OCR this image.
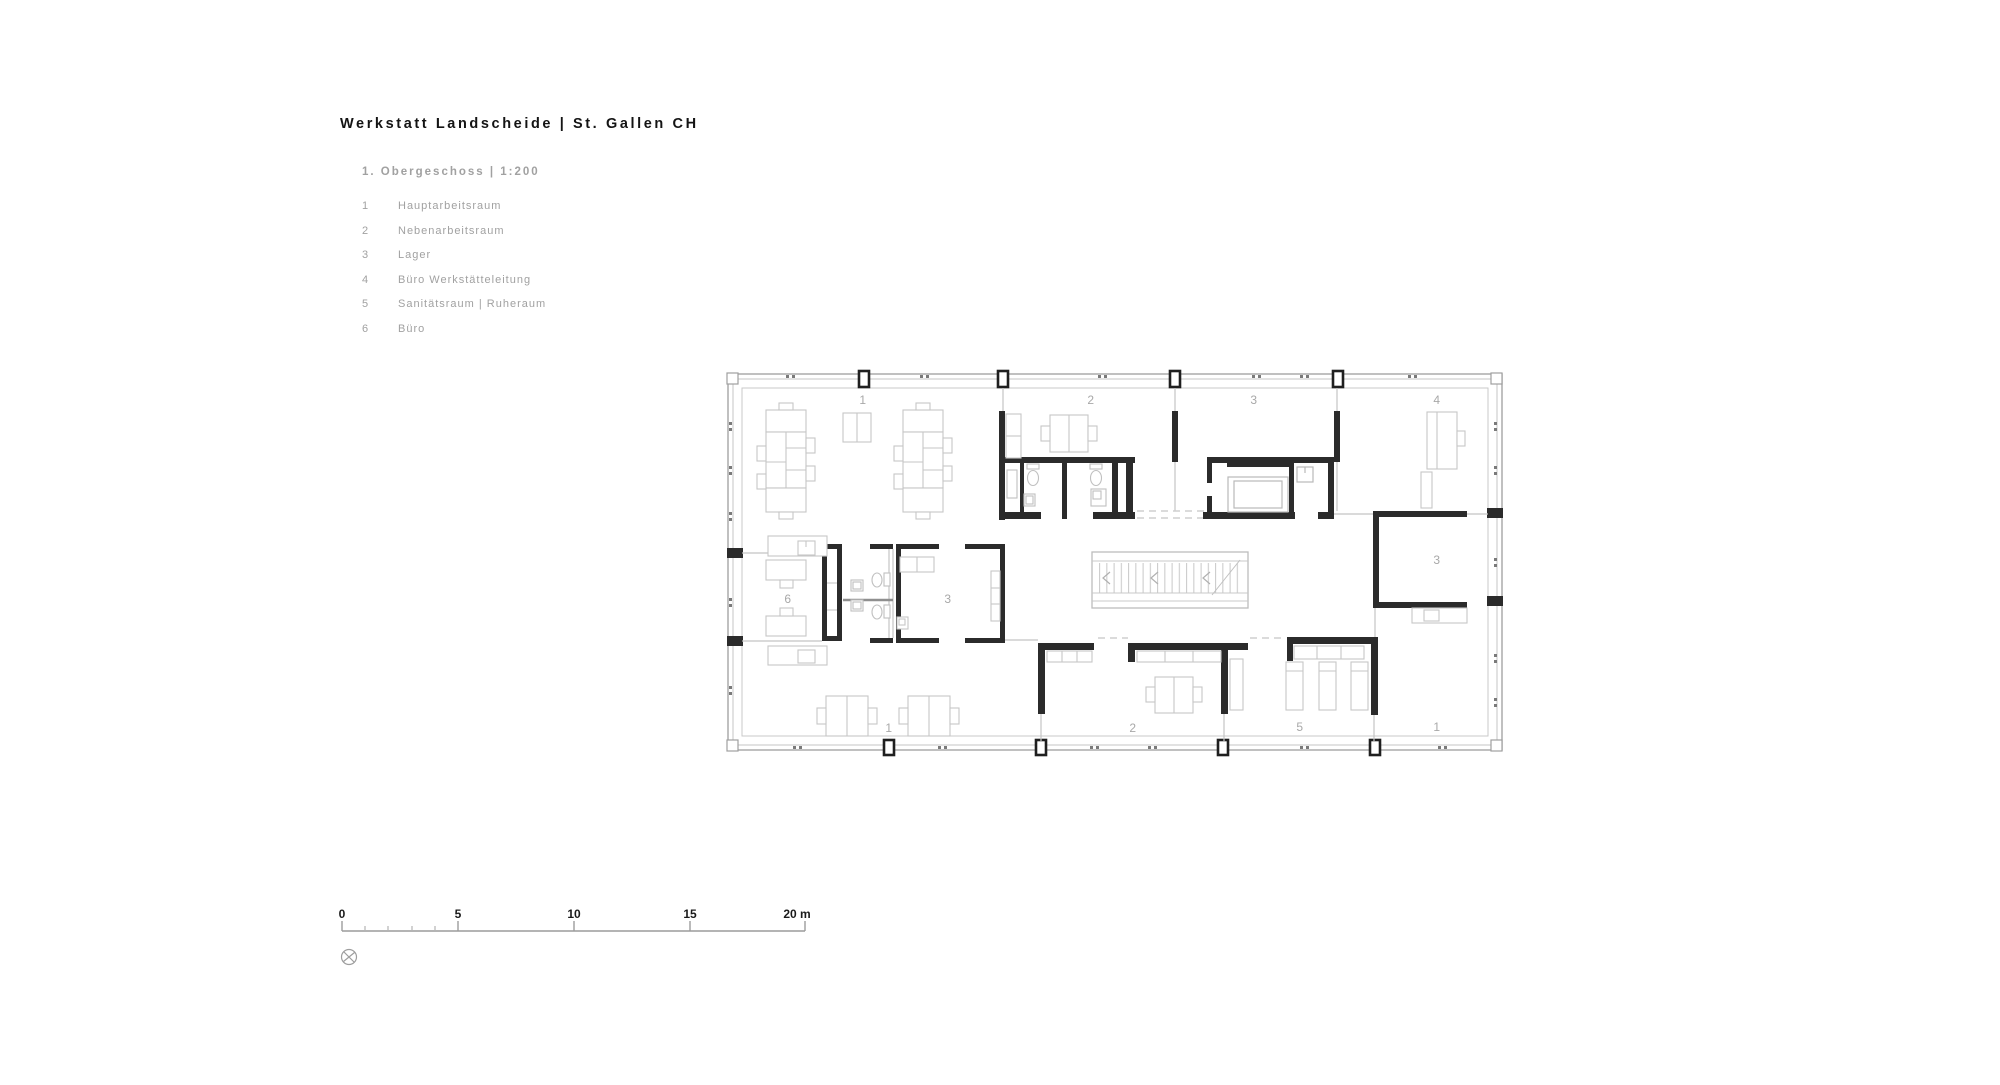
Werkstatt Landscheide | St. Gallen CH
1. Obergeschoss | 1:200
1	Hauptarbeitsraum
2	Nebenarbeitsraum
3	Lager
4	Büro Werkstätteleitung
5	Sanitätsraum | Ruheraum
6	Büro
1	2	3	4
6	3
3
1	2	5	1
0	5	10	15	20 m
